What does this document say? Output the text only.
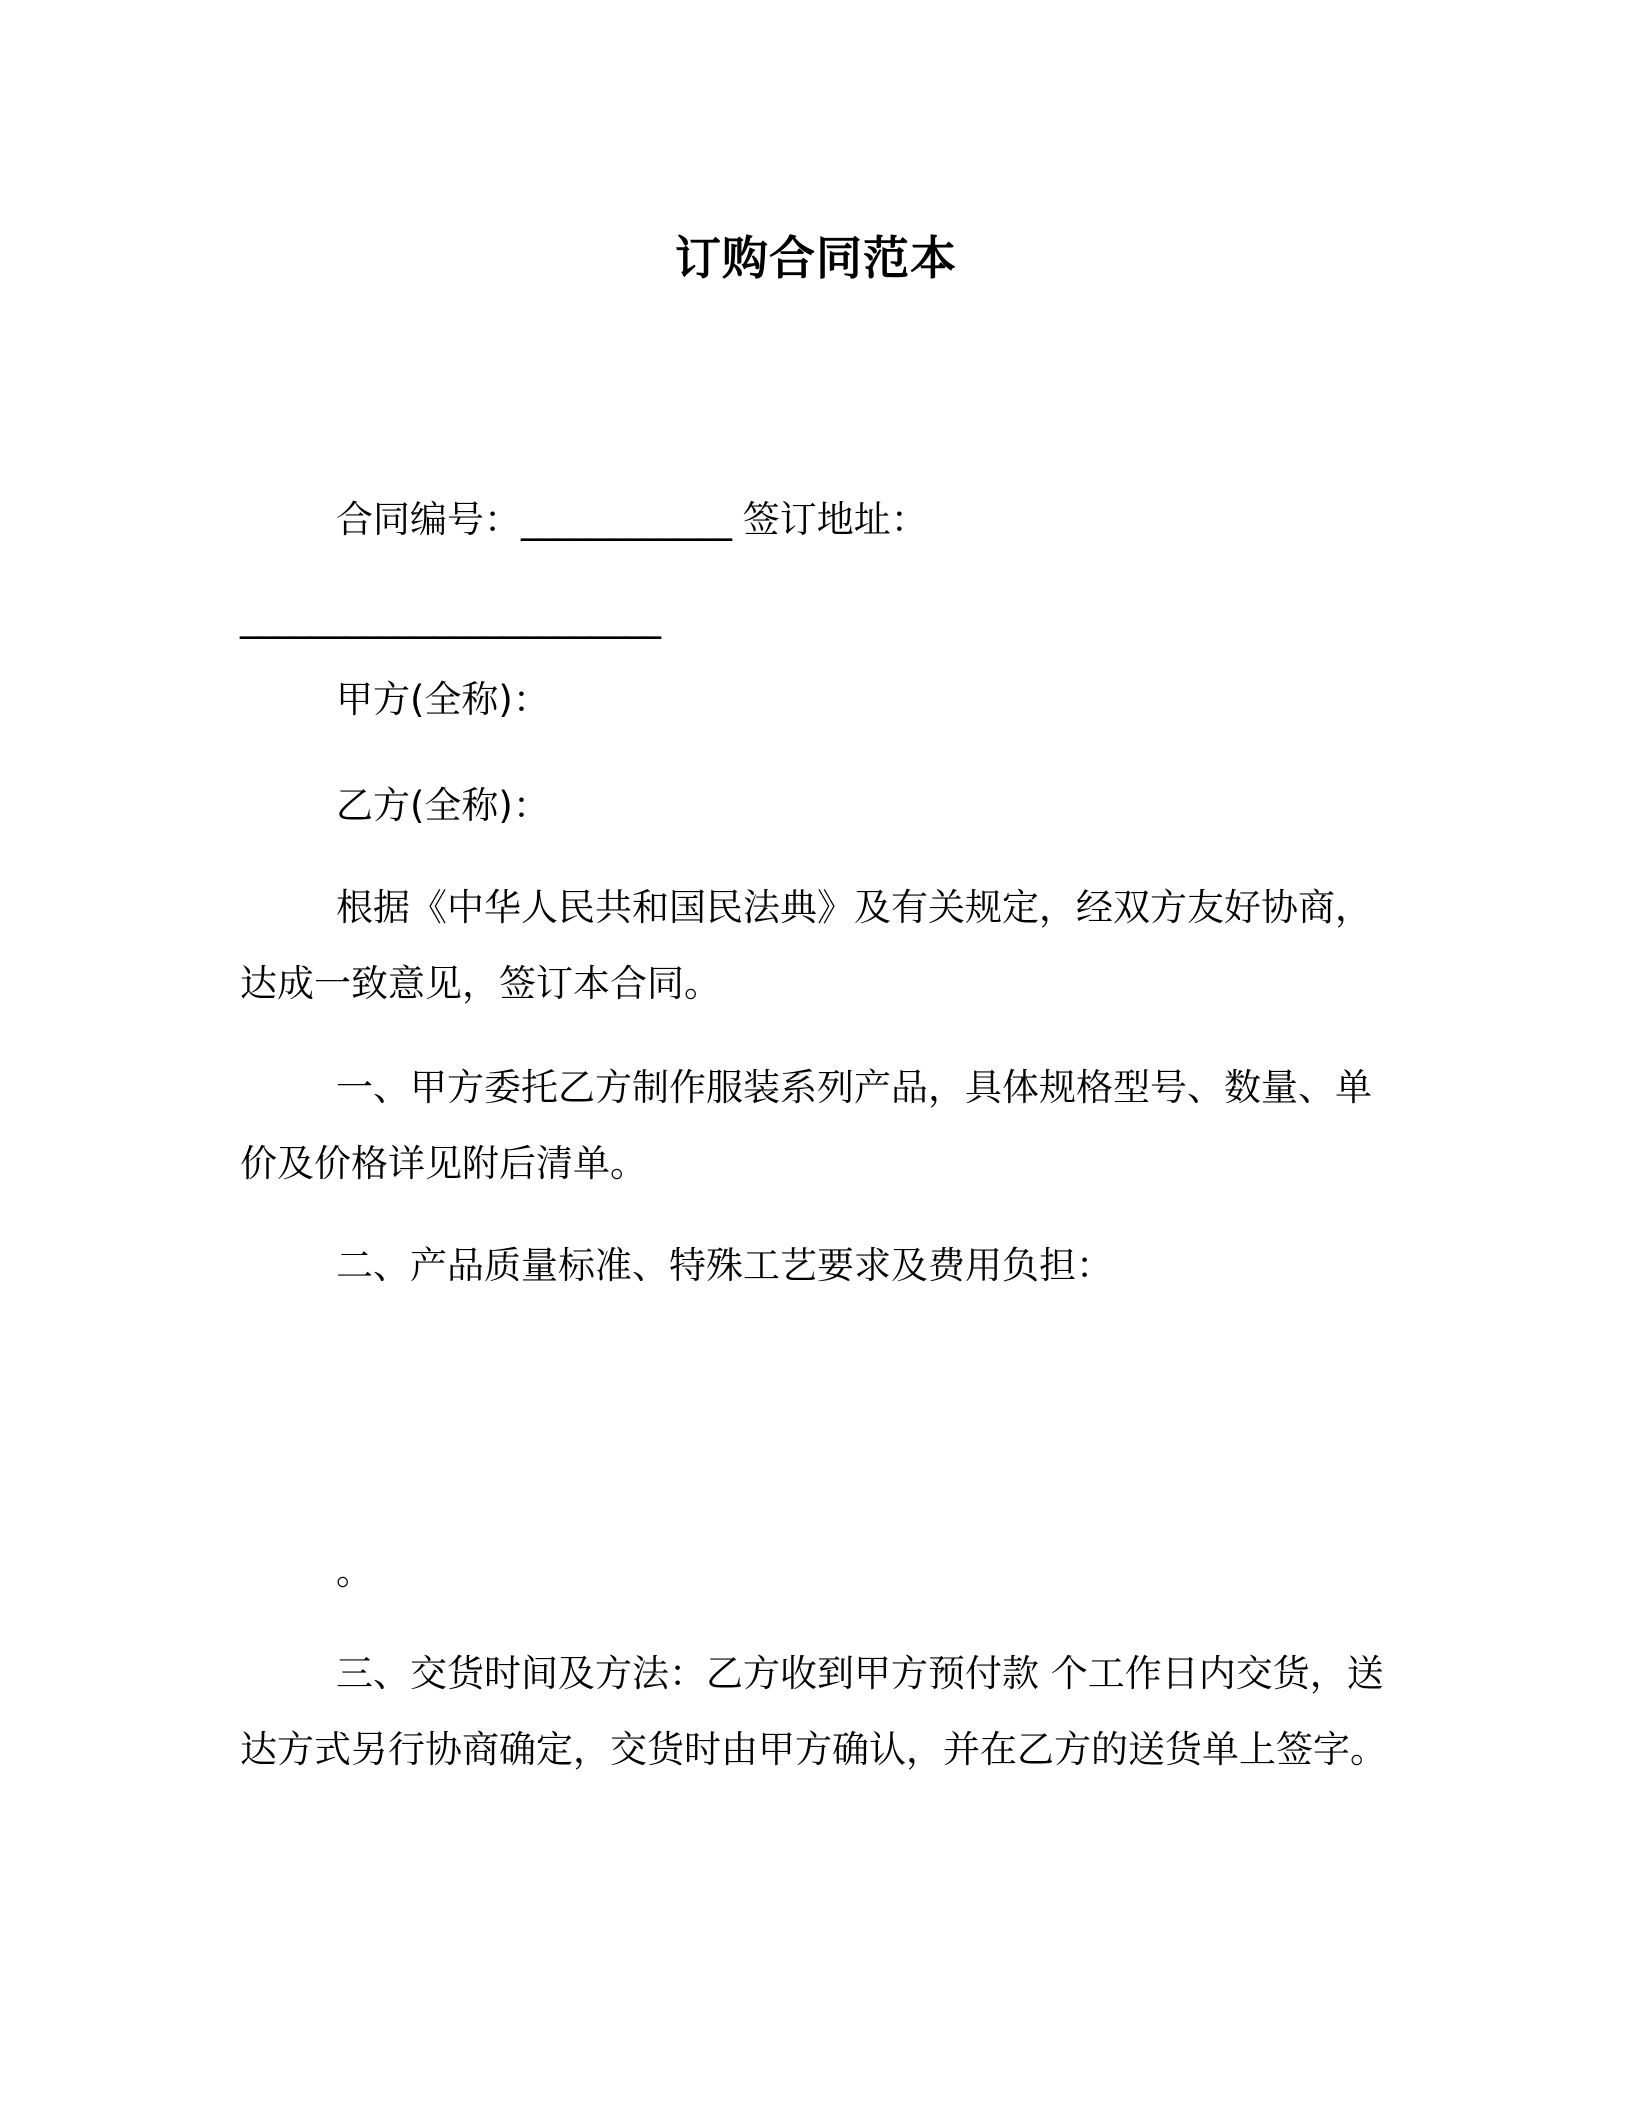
订购合同范本
合同编号：____________ 签订地址：
________________________
甲方(全称)：
乙方(全称)：
根据《中华人民共和国民法典》及有关规定，经双方友好协商，
达成一致意见，签订本合同。
一、甲方委托乙方制作服装系列产品，具体规格型号、数量、单
价及价格详见附后清单。
二、产品质量标准、特殊工艺要求及费用负担：
。
三、交货时间及方法：乙方收到甲方预付款 个工作日内交货，送
达方式另行协商确定，交货时由甲方确认，并在乙方的送货单上签字。
